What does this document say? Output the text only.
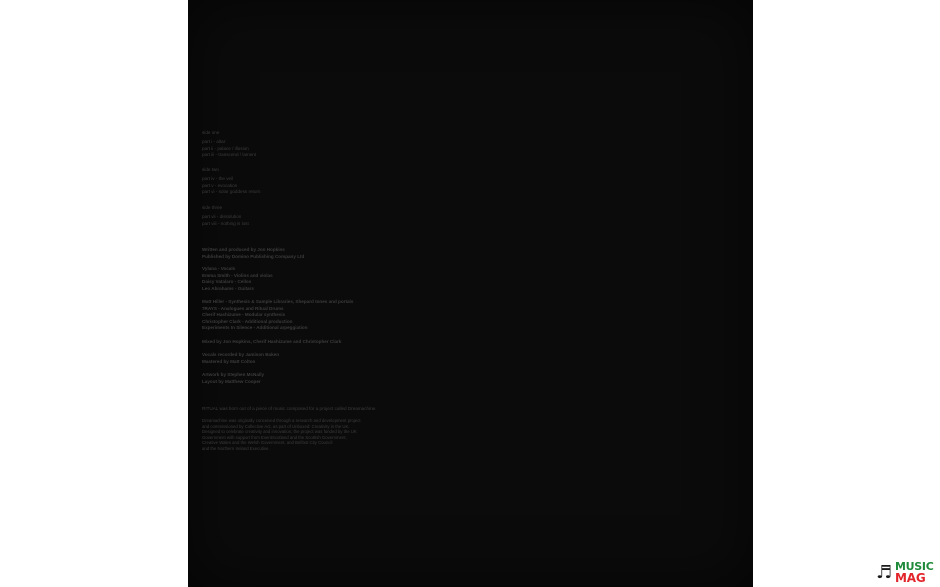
side one

part i - altar

part ii - palace / illusion

part iii - transcend / lament

side two

part iv - the veil

part v - evocation

part vi - solar goddess return

side three

part vii - dissolution

part viii - nothing is lost

Written and produced by Jon Hopkins

Published by Domino Publishing Company Ltd

Vylana - Vocals

Emma Smith - Violins and violas

Daisy Vatalaro - Cellos

Leo Abrahams - Guitars

Matt Hiller - Synthesis & Sample Libraries, Shepard tones and portals

7RAYS - Analogues and Ritual Drums

Cherif Hashizume - Modular synthesis

Christopher Clark - Additional production

Experiments In Silence - Additional arpeggiation

Mixed by Jon Hopkins, Cherif Hashizume and Christopher Clark

Vocals recorded by Jamison Baken

Mastered by Matt Colton

Artwork by Stephen McNally

Layout by Matthew Cooper

RITUAL was born out of a piece of music composed for a project called Dreamachine.

Dreamachine was originally conceived through a research and development project

and commissioned by Collective Act, as part of Unboxed: Creativity in the UK.

Designed to celebrate creativity and innovation, the project was funded by the UK

Government with support from EventScotland and the Scottish Government,

Creative Wales and the Welsh Government, and Belfast City Council

and the Northern Ireland Executive.

♬ MUSIC
MAG
